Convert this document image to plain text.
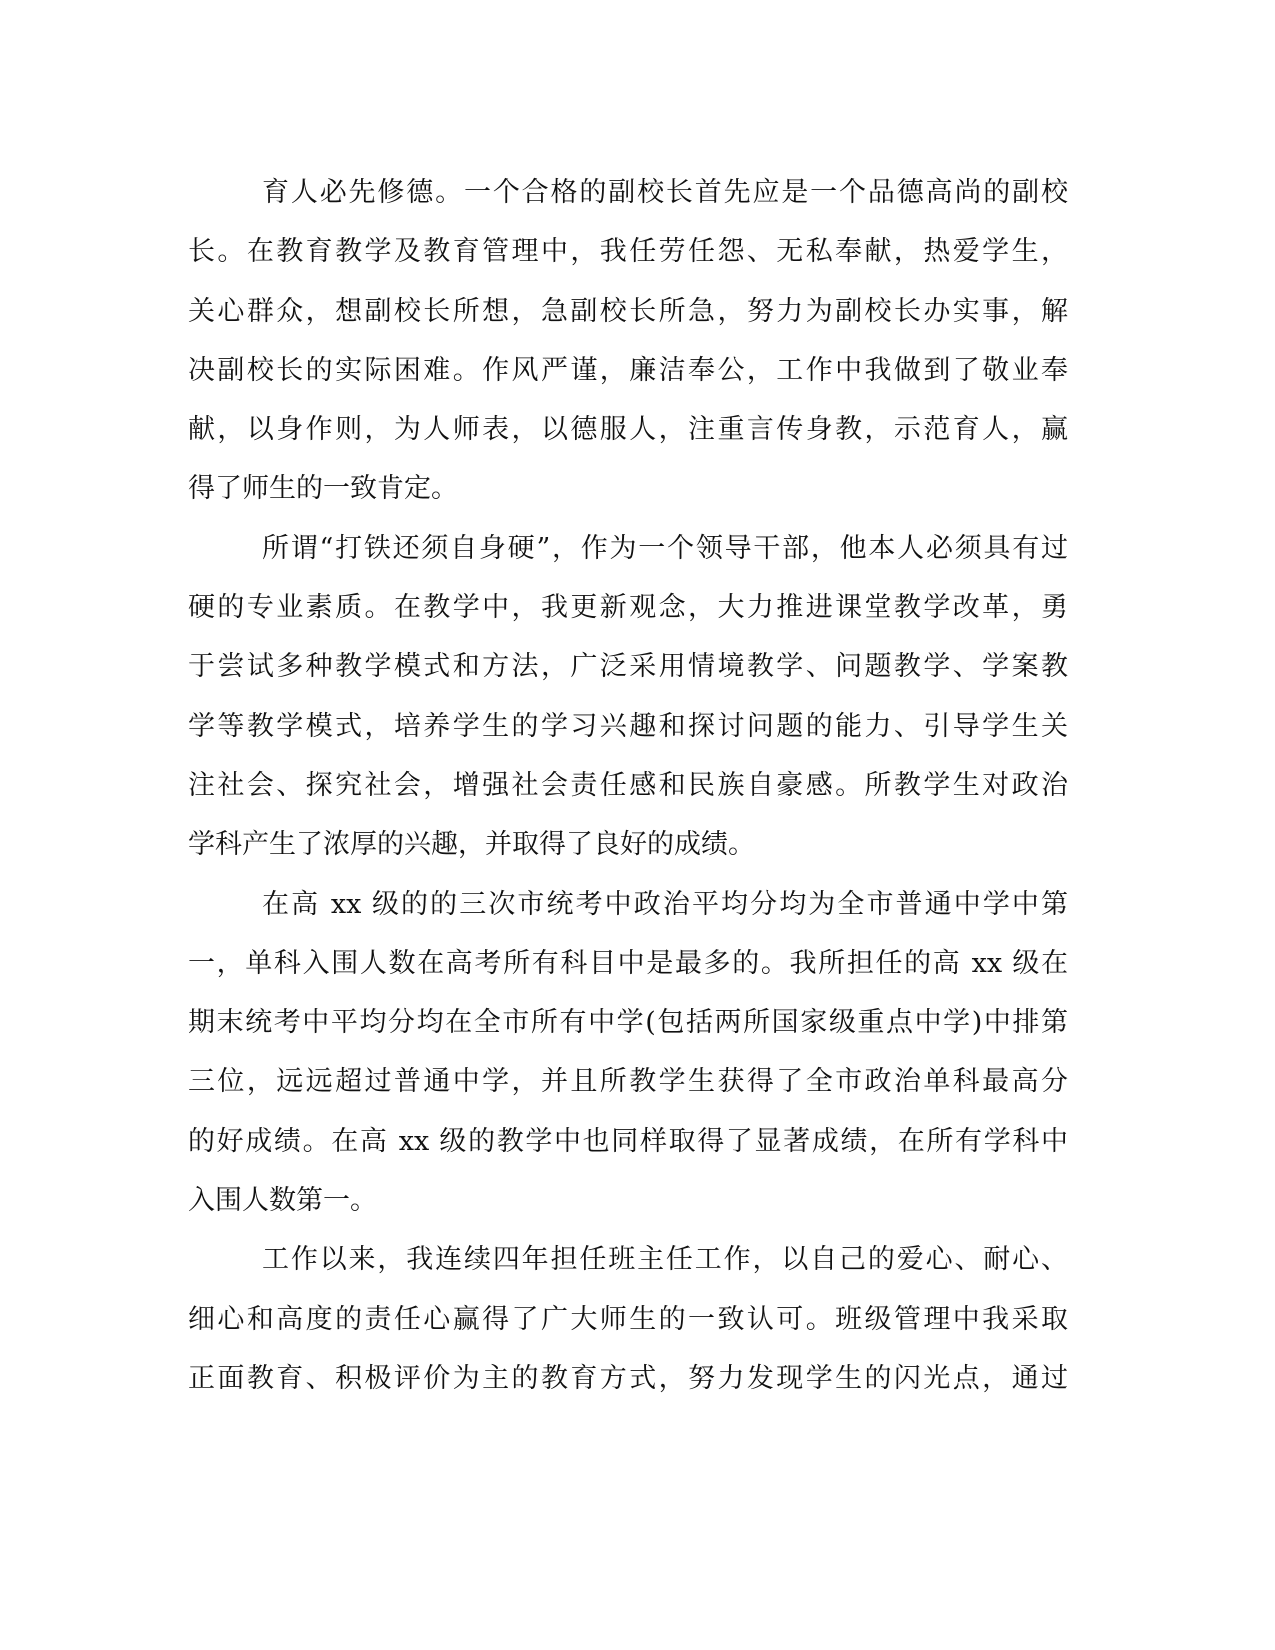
育人必先修德。一个合格的副校长首先应是一个品德高尚的副校
长。在教育教学及教育管理中，我任劳任怨、无私奉献，热爱学生，
关心群众，想副校长所想，急副校长所急，努力为副校长办实事，解
决副校长的实际困难。作风严谨，廉洁奉公，工作中我做到了敬业奉
献，以身作则，为人师表，以德服人，注重言传身教，示范育人，赢
得了师生的一致肯定。
所谓“打铁还须自身硬”，作为一个领导干部，他本人必须具有过
硬的专业素质。在教学中，我更新观念，大力推进课堂教学改革，勇
于尝试多种教学模式和方法，广泛采用情境教学、问题教学、学案教
学等教学模式，培养学生的学习兴趣和探讨问题的能力、引导学生关
注社会、探究社会，增强社会责任感和民族自豪感。所教学生对政治
学科产生了浓厚的兴趣，并取得了良好的成绩。
在高 xx 级的的三次市统考中政治平均分均为全市普通中学中第
一，单科入围人数在高考所有科目中是最多的。我所担任的高 xx 级在
期末统考中平均分均在全市所有中学(包括两所国家级重点中学)中排第
三位，远远超过普通中学，并且所教学生获得了全市政治单科最高分
的好成绩。在高 xx 级的教学中也同样取得了显著成绩，在所有学科中
入围人数第一。
工作以来，我连续四年担任班主任工作，以自己的爱心、耐心、
细心和高度的责任心赢得了广大师生的一致认可。班级管理中我采取
正面教育、积极评价为主的教育方式，努力发现学生的闪光点，通过
